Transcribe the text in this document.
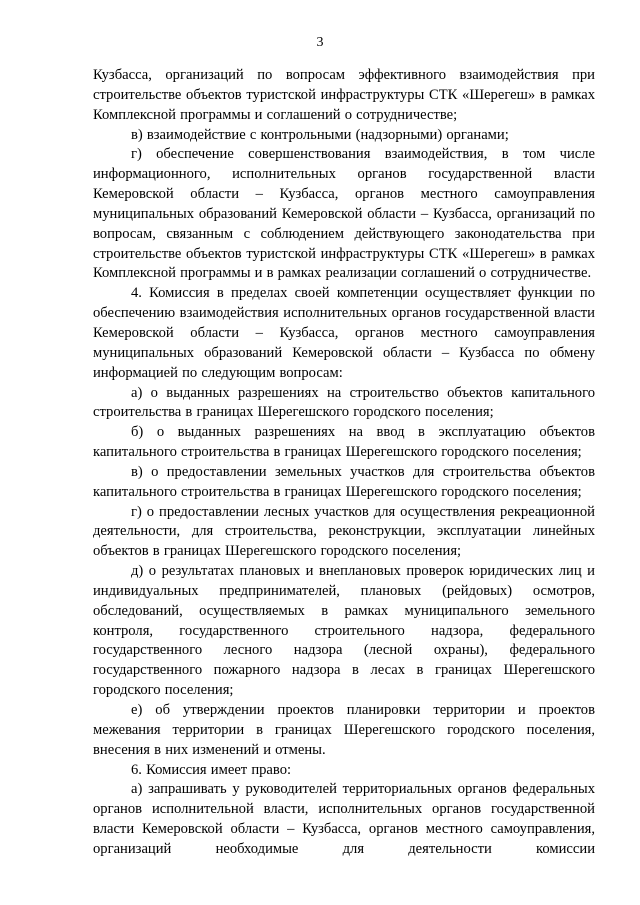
3

Кузбасса, организаций по вопросам эффективного взаимодействия при строительстве объектов туристской инфраструктуры СТК «Шерегеш» в рамках Комплексной программы и соглашений о сотрудничестве;

в) взаимодействие с контрольными (надзорными) органами;

г) обеспечение совершенствования взаимодействия, в том числе информационного, исполнительных органов государственной власти Кемеровской области – Кузбасса, органов местного самоуправления муниципальных образований Кемеровской области – Кузбасса, организаций по вопросам, связанным с соблюдением действующего законодательства при строительстве объектов туристской инфраструктуры СТК «Шерегеш» в рамках Комплексной программы и в рамках реализации соглашений о сотрудничестве.

4. Комиссия в пределах своей компетенции осуществляет функции по обеспечению взаимодействия исполнительных органов государственной власти Кемеровской области – Кузбасса, органов местного самоуправления муниципальных образований Кемеровской области – Кузбасса по обмену информацией по следующим вопросам:

а) о выданных разрешениях на строительство объектов капитального строительства в границах Шерегешского городского поселения;

б) о выданных разрешениях на ввод в эксплуатацию объектов капитального строительства в границах Шерегешского городского поселения;

в) о предоставлении земельных участков для строительства объектов капитального строительства в границах Шерегешского городского поселения;

г) о предоставлении лесных участков для осуществления рекреационной деятельности, для строительства, реконструкции, эксплуатации линейных объектов в границах Шерегешского городского поселения;

д) о результатах плановых и внеплановых проверок юридических лиц и индивидуальных предпринимателей, плановых (рейдовых) осмотров, обследований, осуществляемых в рамках муниципального земельного контроля, государственного строительного надзора, федерального государственного лесного надзора (лесной охраны), федерального государственного пожарного надзора в лесах в границах Шерегешского городского поселения;

е) об утверждении проектов планировки территории и проектов межевания территории в границах Шерегешского городского поселения, внесения в них изменений и отмены.

6. Комиссия имеет право:

а) запрашивать у руководителей территориальных органов федеральных органов исполнительной власти, исполнительных органов государственной власти Кемеровской области – Кузбасса, органов местного самоуправления, организаций необходимые для деятельности комиссии
